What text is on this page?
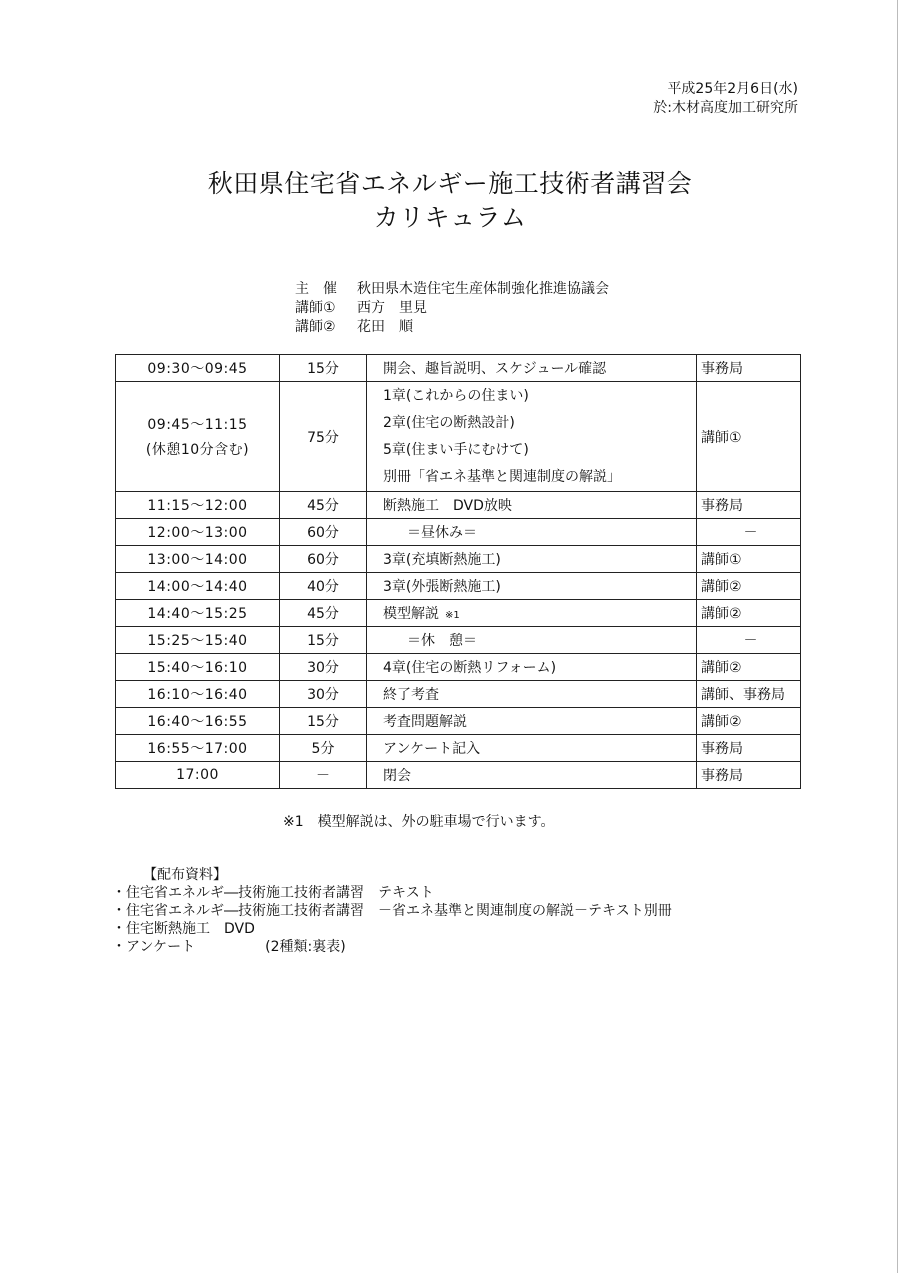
平成25年2月6日(水)
於:木材高度加工研究所
秋田県住宅省エネルギー施工技術者講習会
カリキュラム
主　催 秋田県木造住宅生産体制強化推進協議会
講師① 西方　里見
講師② 花田　順
09:30～09:45	15分	開会、趣旨説明、スケジュール確認	事務局

09:45～11:15
(休憩10分含む)	75分	1章(これからの住まい)
2章(住宅の断熱設計)
5章(住まい手にむけて)
別冊「省エネ基準と関連制度の解説」	講師①
11:15～12:00	45分	断熱施工　DVD放映	事務局
12:00～13:00	60分	＝昼休み＝	－
13:00～14:00	60分	3章(充填断熱施工)	講師①
14:00～14:40	40分	3章(外張断熱施工)	講師②
14:40～15:25	45分	模型解説 ※1	講師②
15:25～15:40	15分	＝休　憩＝	－
15:40～16:10	30分	4章(住宅の断熱リフォーム)	講師②
16:10～16:40	30分	終了考査	講師、事務局
16:40～16:55	15分	考査問題解説	講師②
16:55～17:00	5分	アンケート記入	事務局
17:00	－	閉会	事務局
※1　模型解説は、外の駐車場で行います。
【配布資料】
・住宅省エネルギ―技術施工技術者講習　テキスト
・住宅省エネルギ―技術施工技術者講習　－省エネ基準と関連制度の解説－テキスト別冊
・住宅断熱施工　DVD
・アンケート　　　　　(2種類:裏表)
